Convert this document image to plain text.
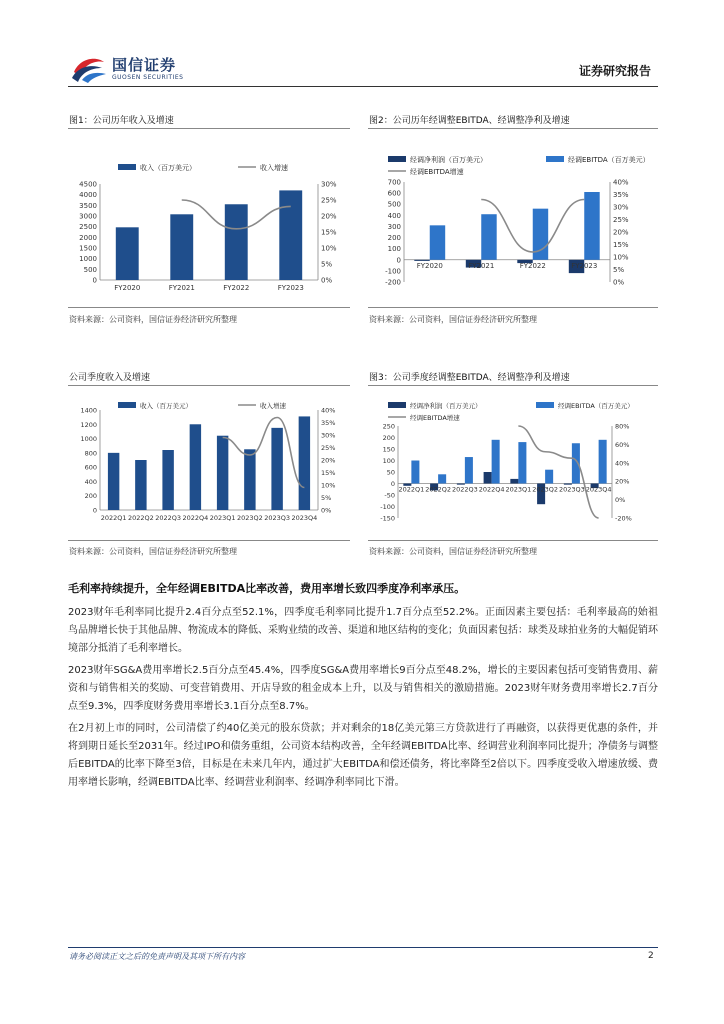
国信证券
GUOSEN SECURITIES	证券研究报告
图1：公司历年收入及增速	图2：公司历年经调整EBITDA、经调整净利及增速
0
500
1000
1500
2000
2500
3000
3500
4000
4500
0%
5%
10%
15%
20%
25%
30%
FY2020	FY2021	FY2022	FY2023
收入（百万美元）	收入增速
-200
-100
0
100
200
300
400
500
600
700
0%
5%
10%
15%
20%
25%
30%
35%
40%
FY2020	FY2021	FY2022	FY2023
经调净利润（百万美元）	经调EBITDA（百万美元）
经调EBITDA增速
资料来源：公司资料，国信证券经济研究所整理	资料来源：公司资料，国信证券经济研究所整理
公司季度收入及增速	图3：公司季度经调整EBITDA、经调整净利及增速
0
200
400
600
800
1000
1200
1400
0%
5%
10%
15%
20%
25%
30%
35%
40%
2022Q1 2022Q2 2022Q3 2022Q4 2023Q1 2023Q2 2023Q3 2023Q4
收入（百万美元）	收入增速
-150
-100
-50
0
50
100
150
200
250
-20%
0%
20%
40%
60%
80%
2022Q1 2022Q2 2022Q3 2022Q4 2023Q1 2023Q2 2023Q3 2023Q4
经调净利润（百万美元）	经调EBITDA（百万美元）
经调EBITDA增速
资料来源：公司资料，国信证券经济研究所整理	资料来源：公司资料，国信证券经济研究所整理
毛利率持续提升，全年经调EBITDA比率改善，费用率增长致四季度净利率承压。

2023财年毛利率同比提升2.4百分点至52.1%，四季度毛利率同比提升1.7百分点至52.2%。正面因素主要包括：毛利率最高的始祖鸟品牌增长快于其他品牌、物流成本的降低、采购业绩的改善、渠道和地区结构的变化；负面因素包括：球类及球拍业务的大幅促销环境部分抵消了毛利率增长。

2023财年SG&A费用率增长2.5百分点至45.4%，四季度SG&A费用率增长9百分点至48.2%，增长的主要因素包括可变销售费用、薪资和与销售相关的奖励、可变营销费用、开店导致的租金成本上升，以及与销售相关的激励措施。2023财年财务费用率增长2.7百分点至9.3%，四季度财务费用率增长3.1百分点至8.7%。

在2月初上市的同时，公司清偿了约40亿美元的股东贷款；并对剩余的18亿美元第三方贷款进行了再融资，以获得更优惠的条件，并将到期日延长至2031年。经过IPO和债务重组，公司资本结构改善，全年经调EBITDA比率、经调营业利润率同比提升；净债务与调整后EBITDA的比率下降至3倍，目标是在未来几年内，通过扩大EBITDA和偿还债务，将比率降至2倍以下。四季度受收入增速放缓、费用率增长影响，经调EBITDA比率、经调营业利润率、经调净利率同比下滑。

请务必阅读正文之后的免责声明及其项下所有内容	2
